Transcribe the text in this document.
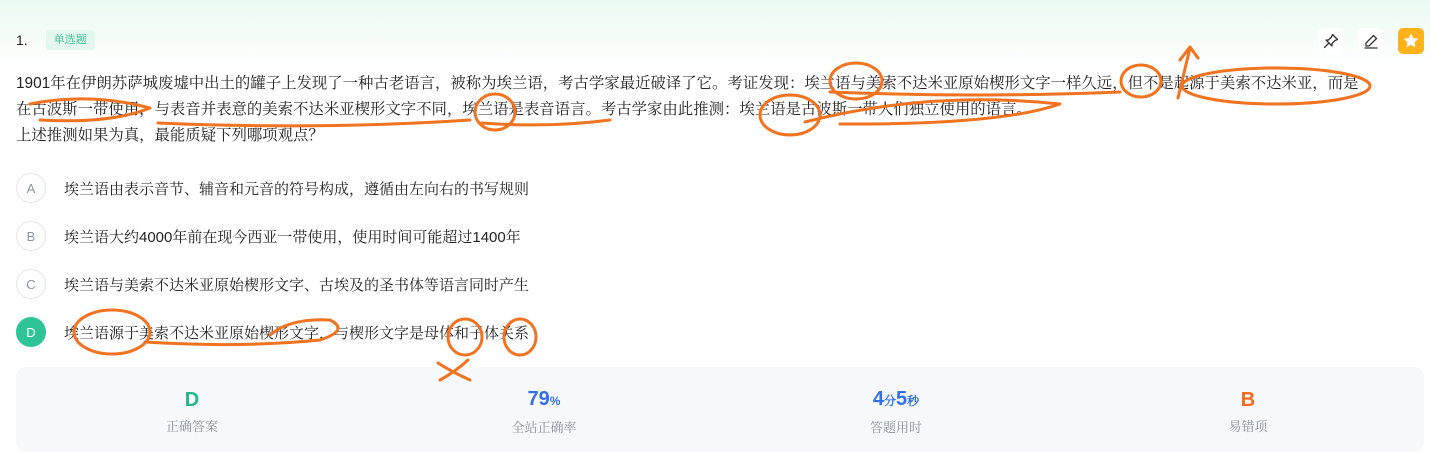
1.	单选题

1901年在伊朗苏萨城废墟中出土的罐子上发现了一种古老语言，被称为埃兰语，考古学家最近破译了它。考证发现：埃兰语与美索不达米亚原始楔形文字一样久远，但不是起源于美索不达米亚，而是

在古波斯一带使用，与表音并表意的美索不达米亚楔形文字不同，埃兰语是表音语言。考古学家由此推测：埃兰语是古波斯一带人们独立使用的语言。

上述推测如果为真，最能质疑下列哪项观点？

A	埃兰语由表示音节、辅音和元音的符号构成，遵循由左向右的书写规则
B	埃兰语大约4000年前在现今西亚一带使用，使用时间可能超过1400年
C	埃兰语与美索不达米亚原始楔形文字、古埃及的圣书体等语言同时产生
D	埃兰语源于美索不达米亚原始楔形文字，与楔形文字是母体和子体关系
D
正确答案
79%
全站正确率
4分5秒
答题用时
B
易错项
